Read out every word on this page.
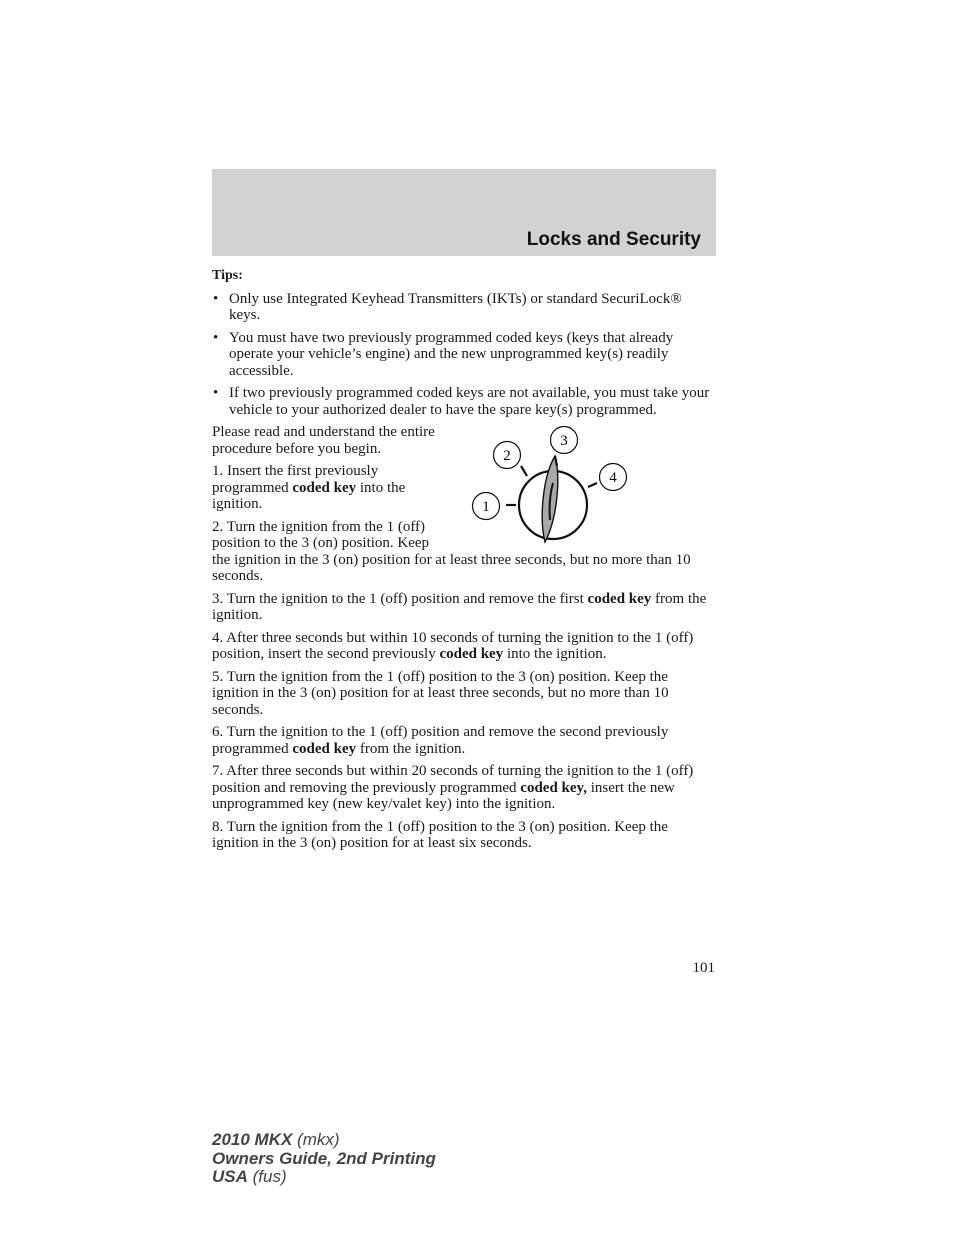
Locks and Security
Tips:
• Only use Integrated Keyhead Transmitters (IKTs) or standard SecuriLock® keys.
• You must have two previously programmed coded keys (keys that already operate your vehicle’s engine) and the new unprogrammed key(s) readily accessible.
• If two previously programmed coded keys are not available, you must take your vehicle to your authorized dealer to have the spare key(s) programmed.
1
2
3
4

Please read and understand the entire procedure before you begin.

1. Insert the first previously programmed coded key into the ignition.

2. Turn the ignition from the 1 (off) position to the 3 (on) position. Keep the ignition in the 3 (on) position for at least three seconds, but no more than 10 seconds.

3. Turn the ignition to the 1 (off) position and remove the first coded key from the ignition.

4. After three seconds but within 10 seconds of turning the ignition to the 1 (off) position, insert the second previously coded key into the ignition.

5. Turn the ignition from the 1 (off) position to the 3 (on) position. Keep the ignition in the 3 (on) position for at least three seconds, but no more than 10 seconds.

6. Turn the ignition to the 1 (off) position and remove the second previously programmed coded key from the ignition.

7. After three seconds but within 20 seconds of turning the ignition to the 1 (off) position and removing the previously programmed coded key, insert the new unprogrammed key (new key/valet key) into the ignition.

8. Turn the ignition from the 1 (off) position to the 3 (on) position. Keep the ignition in the 3 (on) position for at least six seconds.

101
2010 MKX (mkx)
Owners Guide, 2nd Printing
USA (fus)
